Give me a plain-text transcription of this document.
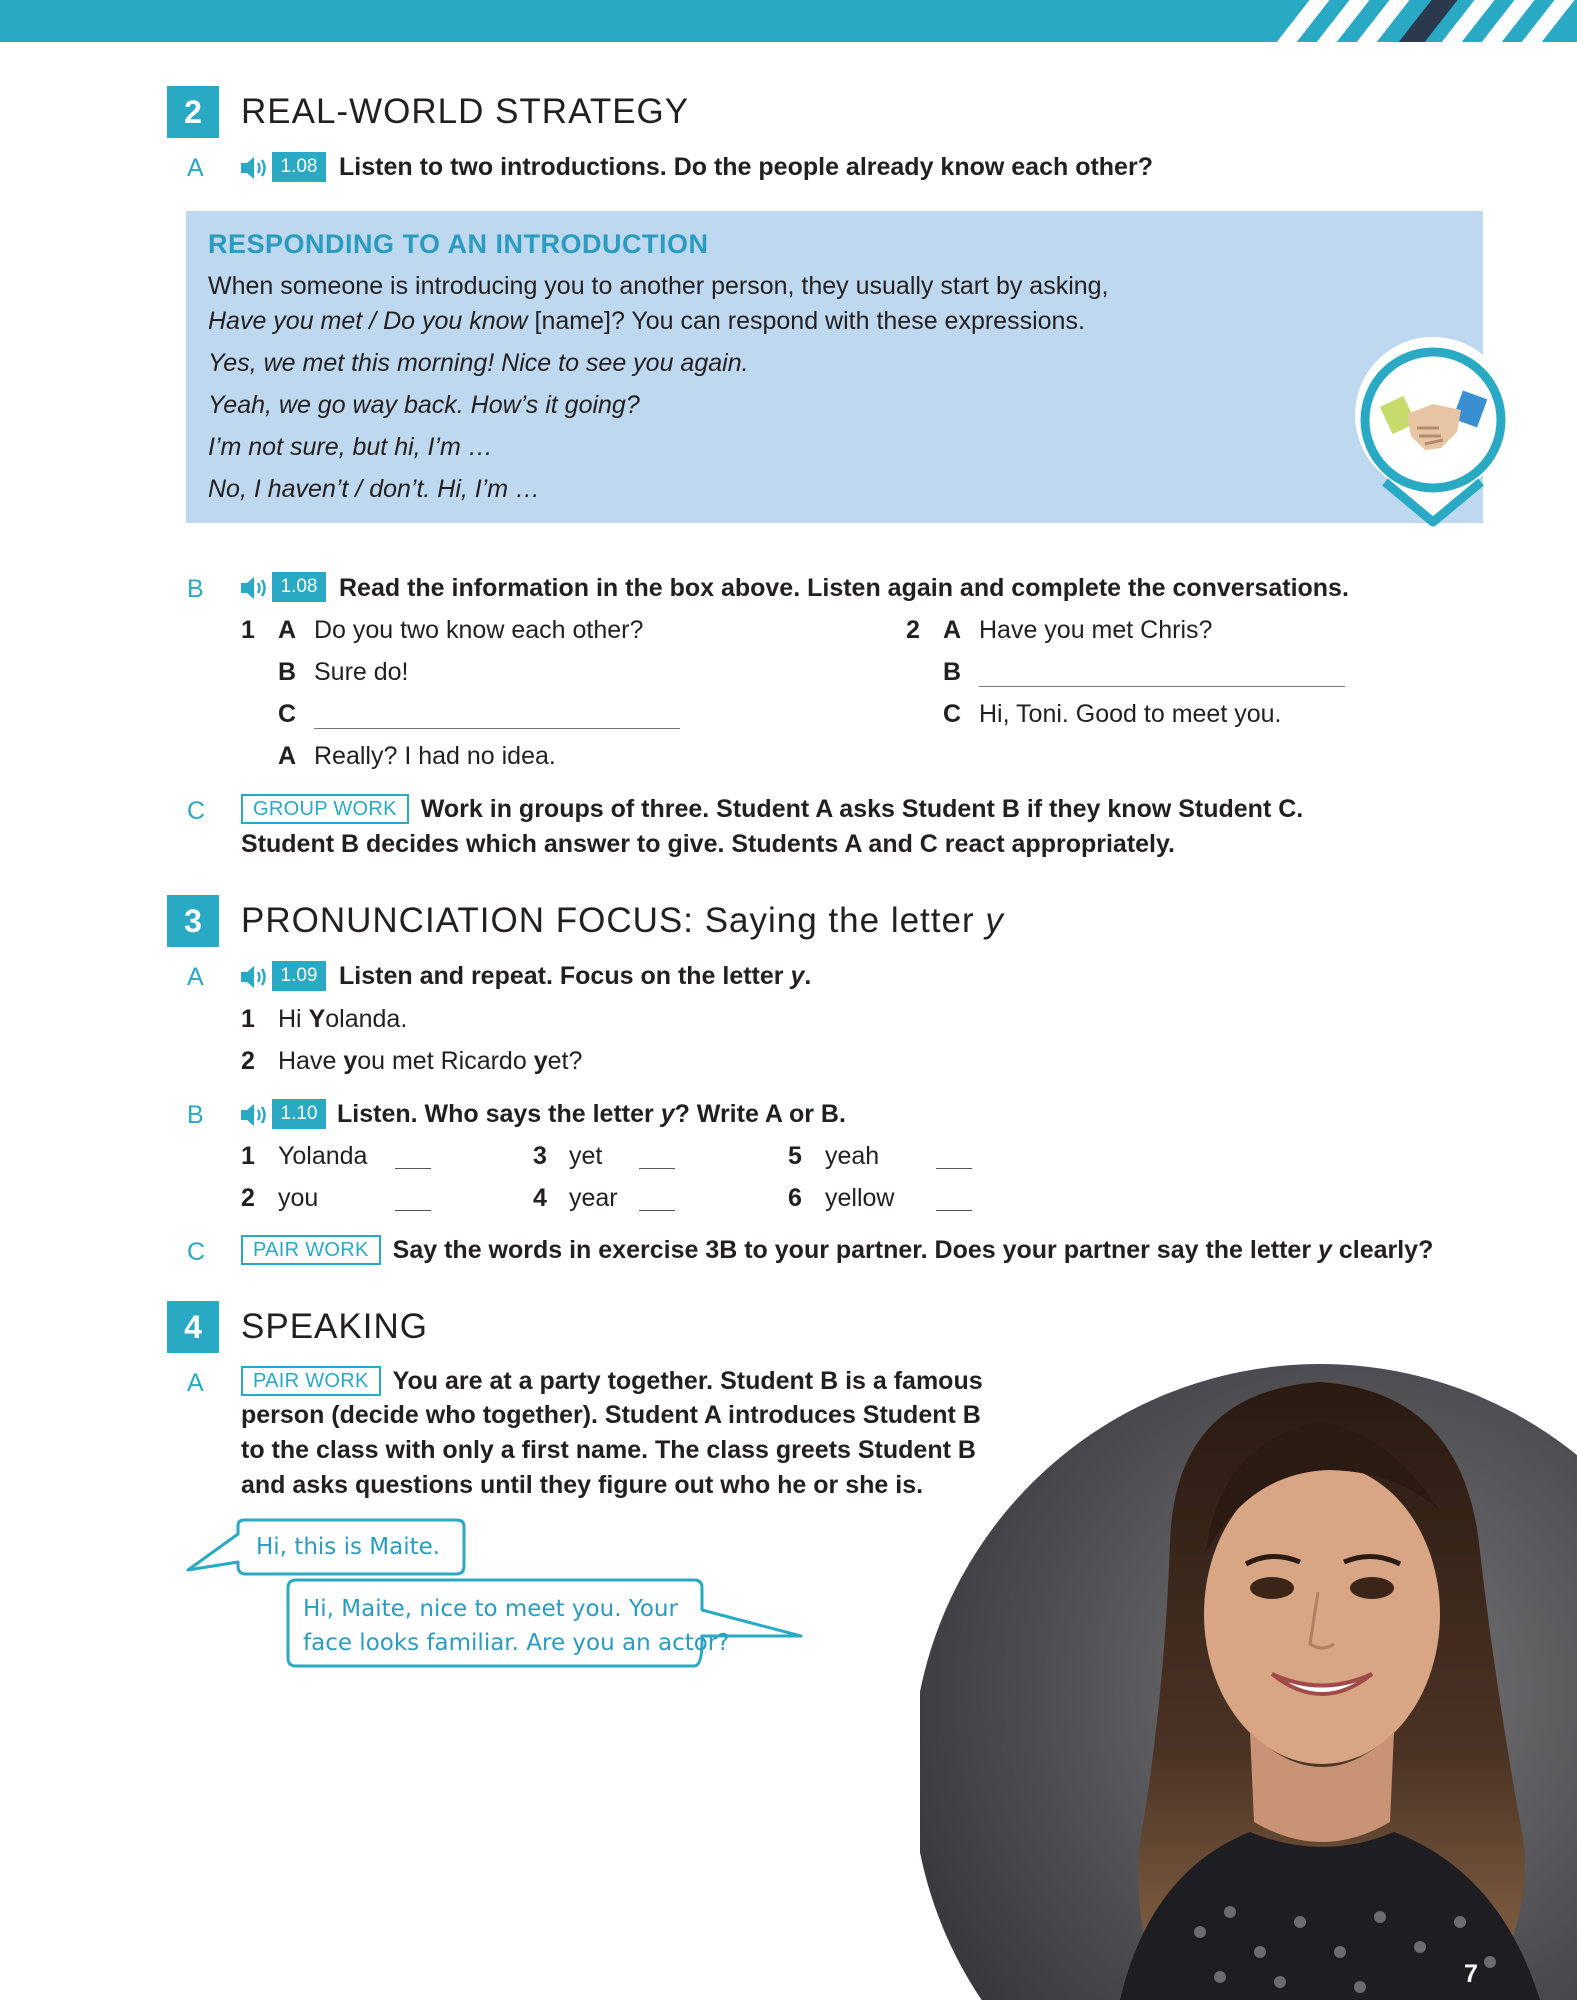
2	REAL-WORLD STRATEGY
A	1.08 Listen to two introductions. Do the people already know each other?
RESPONDING TO AN INTRODUCTION
When someone is introducing you to another person, they usually start by asking,
Have you met / Do you know [name]? You can respond with these expressions.
Yes, we met this morning! Nice to see you again.
Yeah, we go way back. How’s it going?
I’m not sure, but hi, I’m …
No, I haven’t / don’t. Hi, I’m …
B	1.08 Read the information in the box above. Listen again and complete the conversations.
1 A Do you two know each other?
B Sure do!
C
A Really? I had no idea.
2 A Have you met Chris?
B
C Hi, Toni. Good to meet you.
C	GROUP WORK Work in groups of three. Student A asks Student B if they know Student C.
Student B decides which answer to give. Students A and C react appropriately.
3	PRONUNCIATION FOCUS: Saying the letter y
A	1.09 Listen and repeat. Focus on the letter y.
1 Hi Yolanda.
2 Have you met Ricardo yet?
B	1.10 Listen. Who says the letter y? Write A or B.
1 Yolanda
2 you
3 yet
4 year
5 yeah
6 yellow
C	PAIR WORK Say the words in exercise 3B to your partner. Does your partner say the letter y clearly?
4	SPEAKING
A	PAIR WORK You are at a party together. Student B is a famous
person (decide who together). Student A introduces Student B
to the class with only a first name. The class greets Student B
and asks questions until they figure out who he or she is.
Hi, this is Maite.
Hi, Maite, nice to meet you. Your
face looks familiar. Are you an actor?
7
